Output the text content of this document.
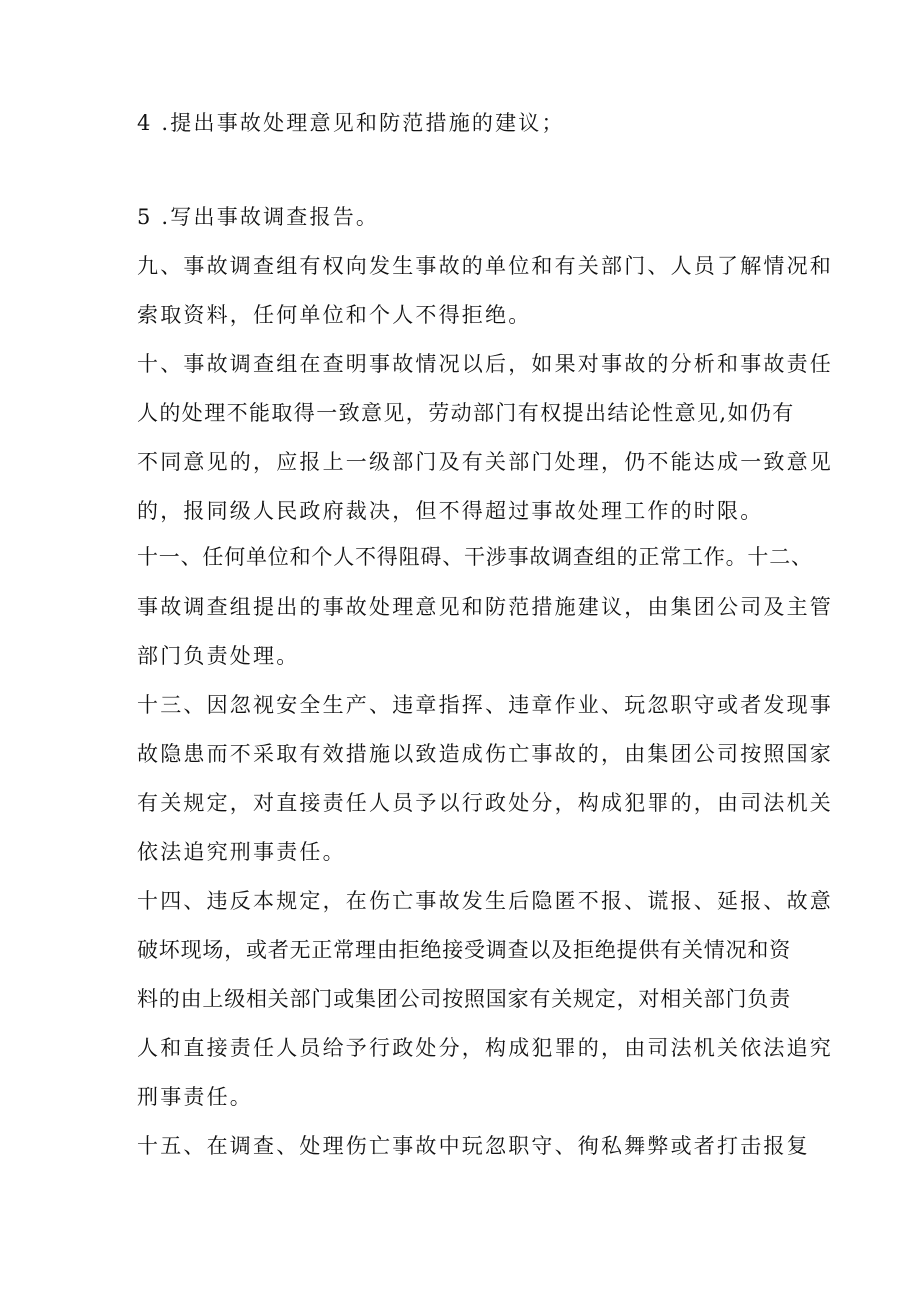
4 .提出事故处理意见和防范措施的建议；
5 .写出事故调查报告。
九、事故调查组有权向发生事故的单位和有关部门、人员了解情况和
索取资料，任何单位和个人不得拒绝。
十、事故调查组在查明事故情况以后，如果对事故的分析和事故责任
人的处理不能取得一致意见，劳动部门有权提出结论性意见,如仍有
不同意见的，应报上一级部门及有关部门处理，仍不能达成一致意见
的，报同级人民政府裁决，但不得超过事故处理工作的时限。
十一、任何单位和个人不得阻碍、干涉事故调查组的正常工作。十二、
事故调查组提出的事故处理意见和防范措施建议，由集团公司及主管
部门负责处理。
十三、因忽视安全生产、违章指挥、违章作业、玩忽职守或者发现事
故隐患而不采取有效措施以致造成伤亡事故的，由集团公司按照国家
有关规定，对直接责任人员予以行政处分，构成犯罪的，由司法机关
依法追究刑事责任。
十四、违反本规定，在伤亡事故发生后隐匿不报、谎报、延报、故意
破坏现场，或者无正常理由拒绝接受调查以及拒绝提供有关情况和资
料的由上级相关部门或集团公司按照国家有关规定，对相关部门负责
人和直接责任人员给予行政处分，构成犯罪的，由司法机关依法追究
刑事责任。
十五、在调查、处理伤亡事故中玩忽职守、徇私舞弊或者打击报复
